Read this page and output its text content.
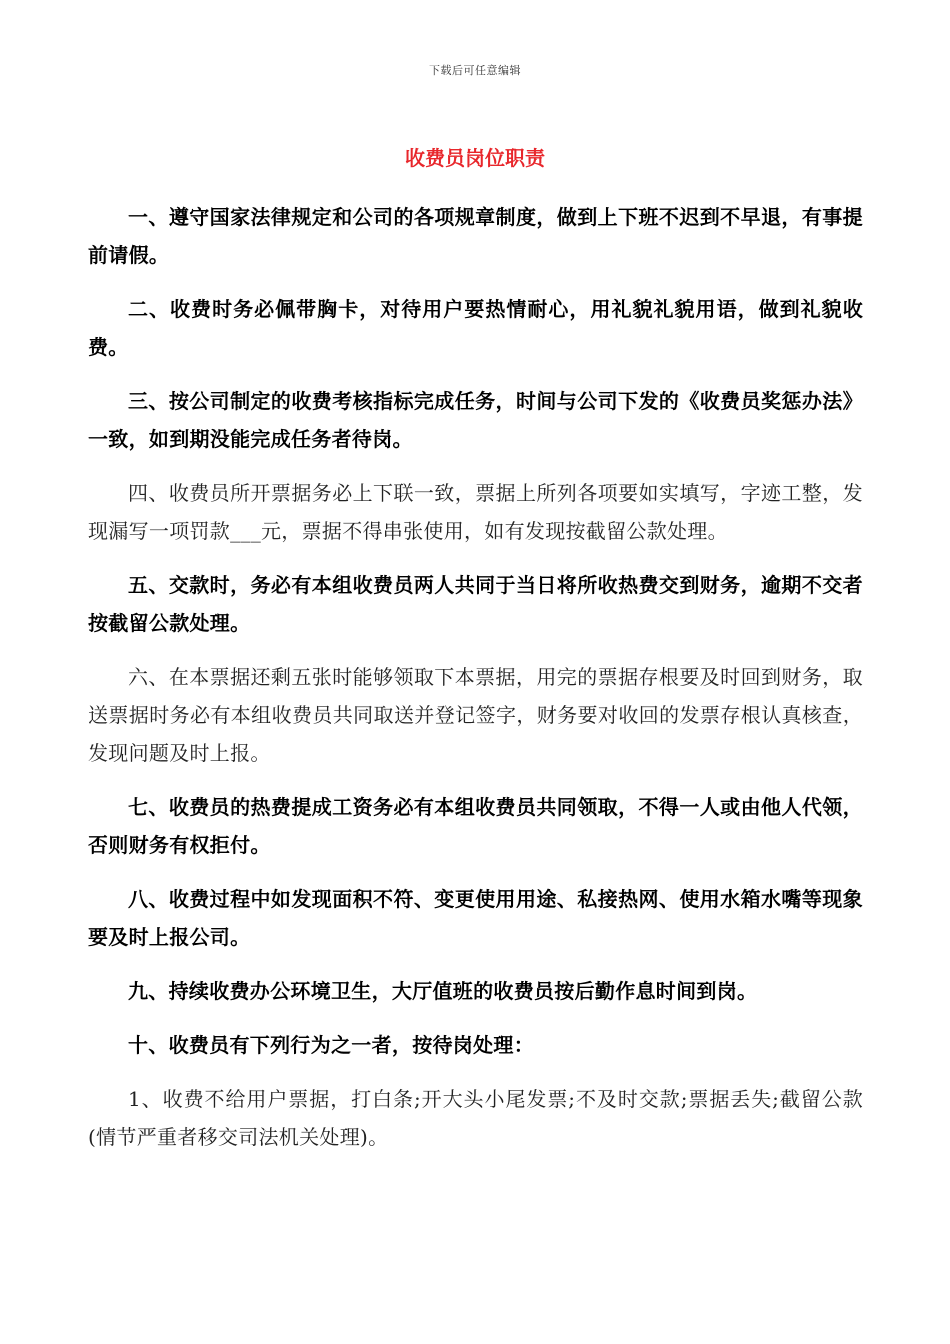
下载后可任意编辑
收费员岗位职责

一、遵守国家法律规定和公司的各项规章制度，做到上下班不迟到不早退，有事提前请假。

二、收费时务必佩带胸卡，对待用户要热情耐心，用礼貌礼貌用语，做到礼貌收费。

三、按公司制定的收费考核指标完成任务，时间与公司下发的《收费员奖惩办法》一致，如到期没能完成任务者待岗。

四、收费员所开票据务必上下联一致，票据上所列各项要如实填写，字迹工整，发现漏写一项罚款___元，票据不得串张使用，如有发现按截留公款处理。

五、交款时，务必有本组收费员两人共同于当日将所收热费交到财务，逾期不交者按截留公款处理。

六、在本票据还剩五张时能够领取下本票据，用完的票据存根要及时回到财务，取送票据时务必有本组收费员共同取送并登记签字，财务要对收回的发票存根认真核查，发现问题及时上报。

七、收费员的热费提成工资务必有本组收费员共同领取，不得一人或由他人代领，否则财务有权拒付。

八、收费过程中如发现面积不符、变更使用用途、私接热网、使用水箱水嘴等现象要及时上报公司。

九、持续收费办公环境卫生，大厅值班的收费员按后勤作息时间到岗。

十、收费员有下列行为之一者，按待岗处理：

1、收费不给用户票据，打白条;开大头小尾发票;不及时交款;票据丢失;截留公款(情节严重者移交司法机关处理)。
